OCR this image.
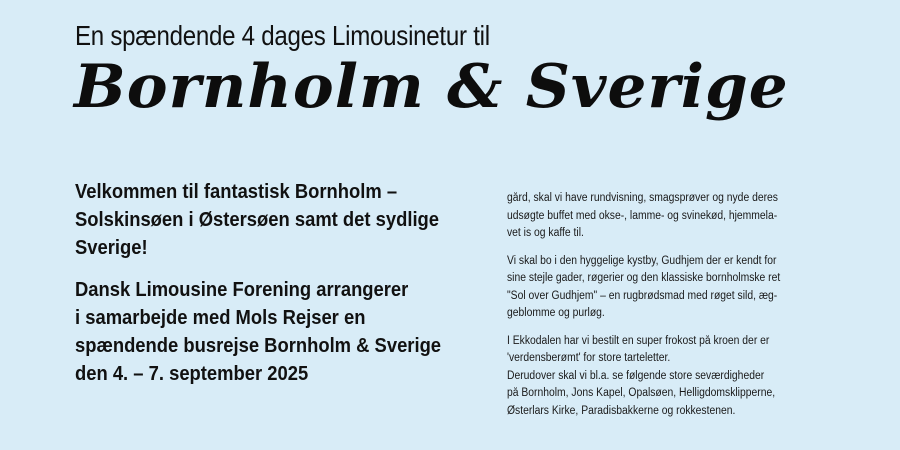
En spændende 4 dages Limousinetur til
Bornholm & Sverige
Velkommen til fantastisk Bornholm –
Solskinsøen i Østersøen samt det sydlige
Sverige!
Dansk Limousine Forening arrangerer
i samarbejde med Mols Rejser en
spændende busrejse Bornholm & Sverige
den 4. – 7. september 2025

gård, skal vi have rundvisning, smagsprøver og nyde deres
udsøgte buffet med okse-, lamme- og svinekød, hjemmela-
vet is og kaffe til.

Vi skal bo i den hyggelige kystby, Gudhjem der er kendt for
sine stejle gader, røgerier og den klassiske bornholmske ret
"Sol over Gudhjem" – en rugbrødsmad med røget sild, æg-
geblomme og purløg.

I Ekkodalen har vi bestilt en super frokost på kroen der er
'verdensberømt' for store tarteletter.

Derudover skal vi bl.a. se følgende store seværdigheder
på Bornholm, Jons Kapel, Opalsøen, Helligdomsklipperne,
Østerlars Kirke, Paradisbakkerne og rokkestenen.
